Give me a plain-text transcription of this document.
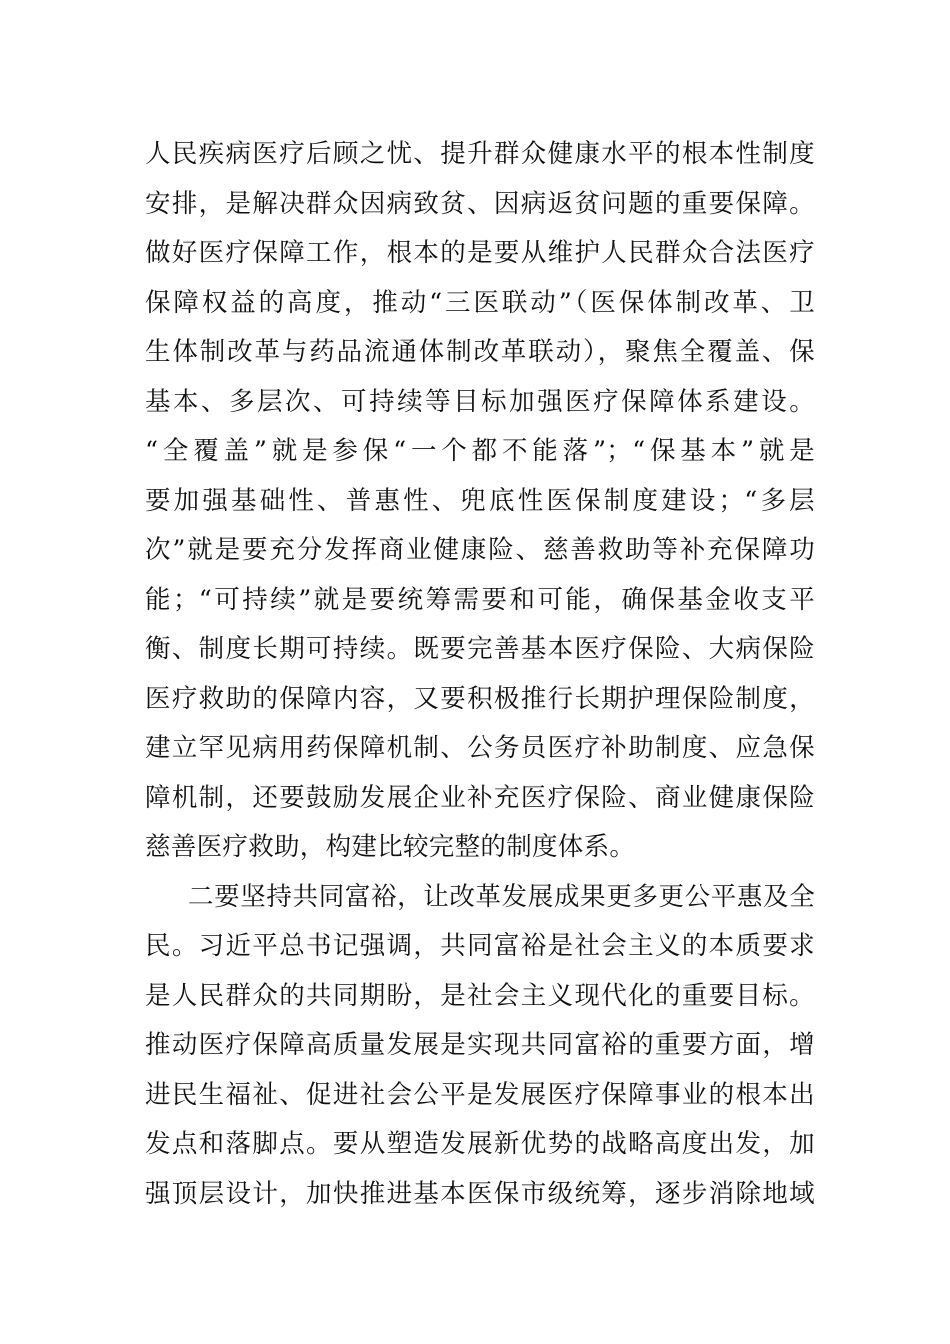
人民疾病医疗后顾之忧、提升群众健康水平的根本性制度
安排，是解决群众因病致贫、因病返贫问题的重要保障。
做好医疗保障工作，根本的是要从维护人民群众合法医疗
保障权益的高度，推动“三医联动”（医保体制改革、卫
生体制改革与药品流通体制改革联动），聚焦全覆盖、保
基本、多层次、可持续等目标加强医疗保障体系建设。
“全覆盖”就是参保“一个都不能落”；“保基本”就是
要加强基础性、普惠性、兜底性医保制度建设；“多层
次”就是要充分发挥商业健康险、慈善救助等补充保障功
能；“可持续”就是要统筹需要和可能，确保基金收支平
衡、制度长期可持续。既要完善基本医疗保险、大病保险
医疗救助的保障内容，又要积极推行长期护理保险制度，
建立罕见病用药保障机制、公务员医疗补助制度、应急保
障机制，还要鼓励发展企业补充医疗保险、商业健康保险
慈善医疗救助，构建比较完整的制度体系。
二要坚持共同富裕，让改革发展成果更多更公平惠及全
民。习近平总书记强调，共同富裕是社会主义的本质要求
是人民群众的共同期盼，是社会主义现代化的重要目标。
推动医疗保障高质量发展是实现共同富裕的重要方面，增
进民生福祉、促进社会公平是发展医疗保障事业的根本出
发点和落脚点。要从塑造发展新优势的战略高度出发，加
强顶层设计，加快推进基本医保市级统筹，逐步消除地域
